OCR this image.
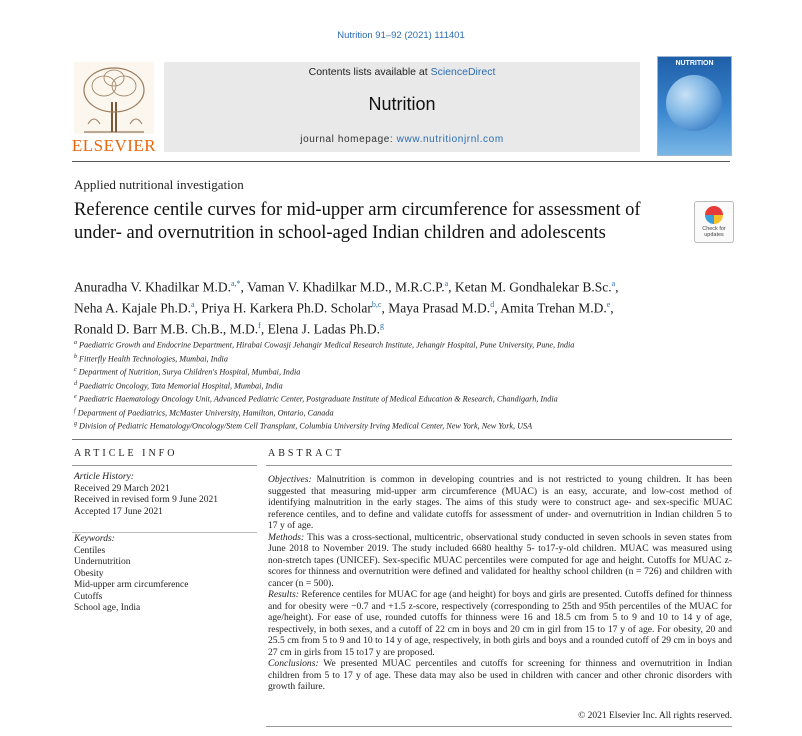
Nutrition 91–92 (2021) 111401
ELSEVIER
Contents lists available at ScienceDirect
Nutrition
journal homepage: www.nutritionjrnl.com
NUTRITION
Applied nutritional investigation
Reference centile curves for mid-upper arm circumference for assessment of under- and overnutrition in school-aged Indian children and adolescents	Check for
updates
Anuradha V. Khadilkar M.D.$^{a,*}$, Vaman V. Khadilkar M.D., M.R.C.P.$^a$, Ketan M. Gondhalekar B.Sc.$^a$,
Neha A. Kajale Ph.D.$^a$, Priya H. Karkera Ph.D. Scholar$^{b,c}$, Maya Prasad M.D.$^d$, Amita Trehan M.D.$^e$,
Ronald D. Barr M.B. Ch.B., M.D.$^f$, Elena J. Ladas Ph.D.$^g$
$^a$ Paediatric Growth and Endocrine Department, Hirabai Cowasji Jehangir Medical Research Institute, Jehangir Hospital, Pune University, Pune, India
$^b$ Fitterfly Health Technologies, Mumbai, India
$^c$ Department of Nutrition, Surya Children's Hospital, Mumbai, India
$^d$ Paediatric Oncology, Tata Memorial Hospital, Mumbai, India
$^e$ Paediatric Haematology Oncology Unit, Advanced Pediatric Center, Postgraduate Institute of Medical Education & Research, Chandigarh, India
$^f$ Department of Paediatrics, McMaster University, Hamilton, Ontario, Canada
$^g$ Division of Pediatric Hematology/Oncology/Stem Cell Transplant, Columbia University Irving Medical Center, New York, New York, USA
ARTICLE INFO	ABSTRACT
Article History:
Received 29 March 2021
Received in revised form 9 June 2021
Accepted 17 June 2021
Keywords:
Centiles
Undernutrition
Obesity
Mid-upper arm circumference
Cutoffs
School age, India

Objectives: Malnutrition is common in developing countries and is not restricted to young children. It has been suggested that measuring mid-upper arm circumference (MUAC) is an easy, accurate, and low-cost method of identifying malnutrition in the early stages. The aims of this study were to construct age- and sex-specific MUAC reference centiles, and to define and validate cutoffs for assessment of under- and overnutrition in Indian children 5 to 17 y of age.

Methods: This was a cross-sectional, multicentric, observational study conducted in seven schools in seven states from June 2018 to November 2019. The study included 6680 healthy 5- to17-y-old children. MUAC was measured using non-stretch tapes (UNICEF). Sex-specific MUAC percentiles were computed for age and height. Cutoffs for MUAC z-scores for thinness and overnutrition were defined and validated for healthy school children (n = 726) and children with cancer (n = 500).

Results: Reference centiles for MUAC for age (and height) for boys and girls are presented. Cutoffs defined for thinness and for obesity were −0.7 and +1.5 z-score, respectively (corresponding to 25th and 95th percentiles of the MUAC for age/height). For ease of use, rounded cutoffs for thinness were 16 and 18.5 cm from 5 to 9 and 10 to 14 y of age, respectively, in both sexes, and a cutoff of 22 cm in boys and 20 cm in girl from 15 to 17 y of age. For obesity, 20 and 25.5 cm from 5 to 9 and 10 to 14 y of age, respectively, in both girls and boys and a rounded cutoff of 29 cm in boys and 27 cm in girls from 15 to17 y are proposed.

Conclusions: We presented MUAC percentiles and cutoffs for screening for thinness and overnutrition in Indian children from 5 to 17 y of age. These data may also be used in children with cancer and other chronic disorders with growth failure.

© 2021 Elsevier Inc. All rights reserved.
